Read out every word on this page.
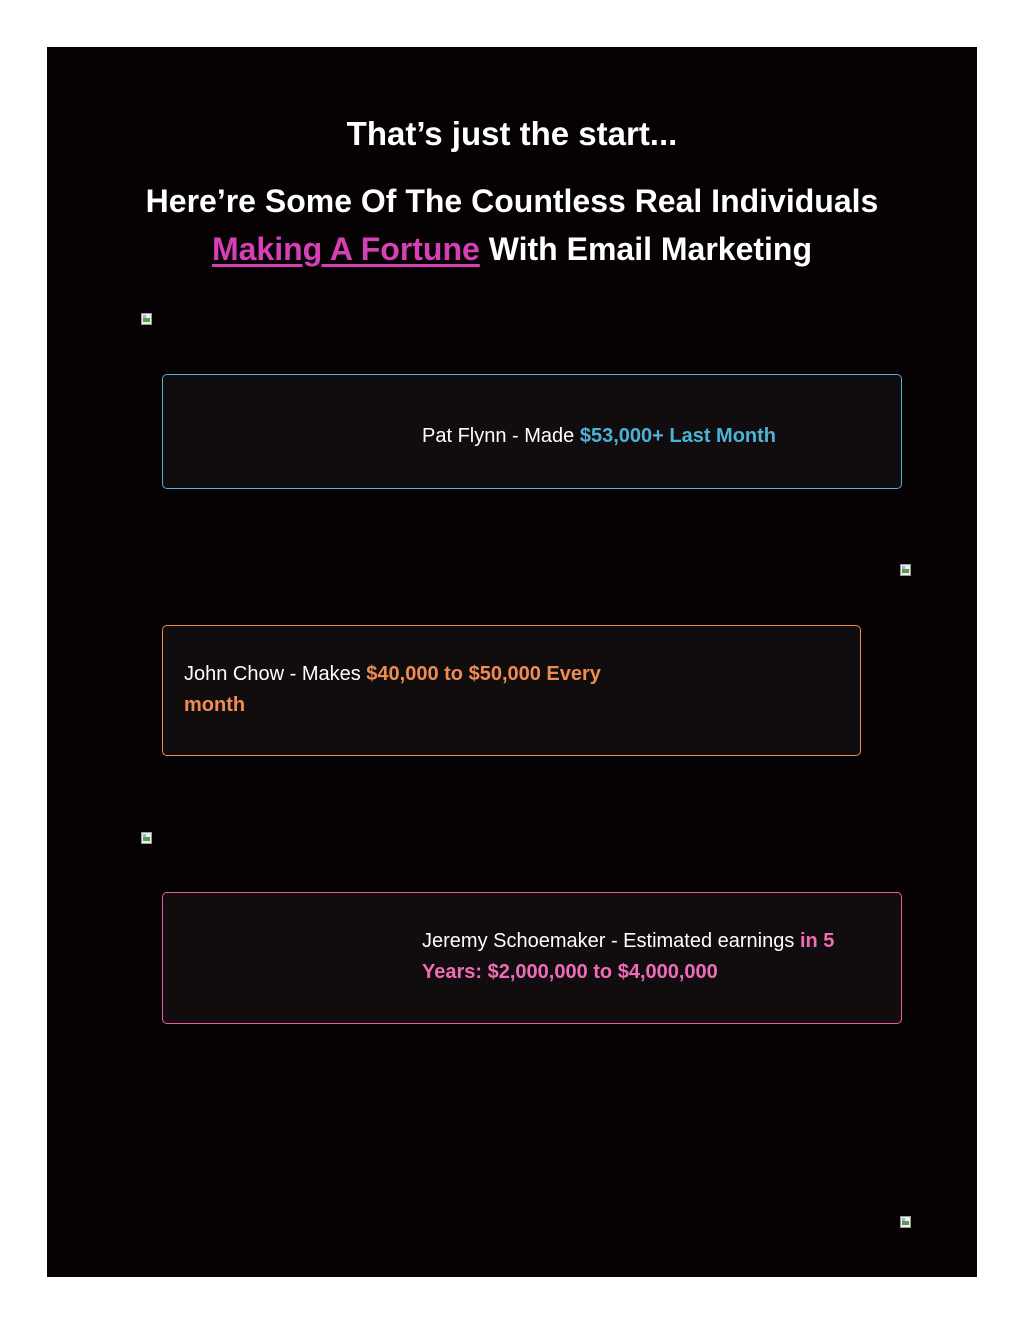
That’s just the start...
Here’re Some Of The Countless Real Individuals
Making A Fortune With Email Marketing

Pat Flynn - Made $53,000+ Last Month

John Chow - Makes $40,000 to $50,000 Every month

Jeremy Schoemaker - Estimated earnings in 5 Years: $2,000,000 to $4,000,000
